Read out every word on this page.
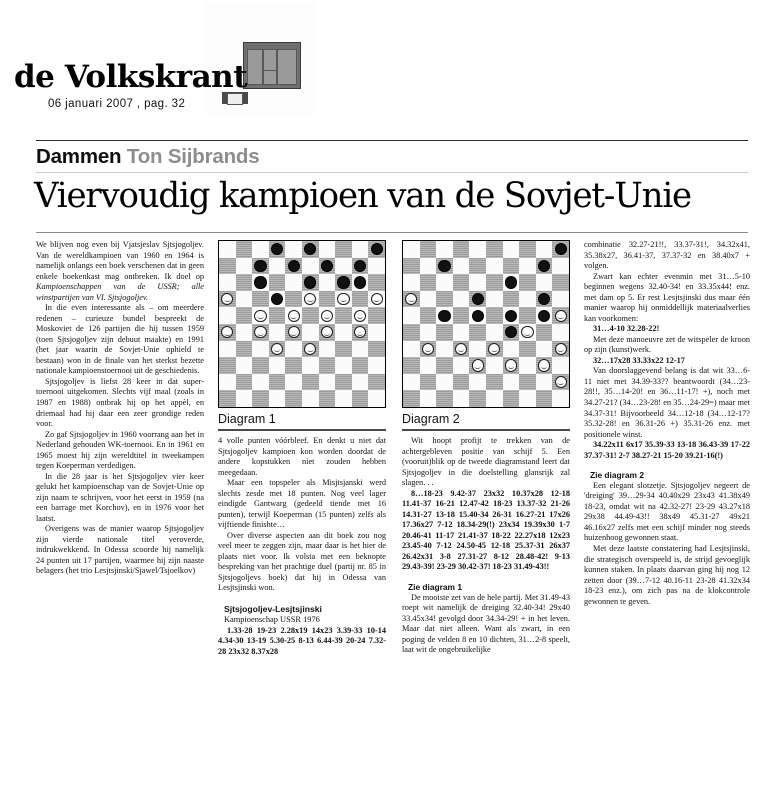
de Volkskrant
06 januari 2007 , pag. 32
Dammen Ton Sijbrands
Viervoudig kampioen van de Sovjet-Unie

We blijven nog even bij Vjatsjeslav Sjtsjogoljev. Van de wereldkampioen van 1960 en 1964 is namelijk onlangs een boek verschenen dat in geen enkele boekenkast mag ontbreken. Ik doel op Kampioenschappen van de USSR; alle winstpartijen van VI. Sjtsjogoljev.

In die even interessante als – om meerdere redenen – curieuze bundel bespreekt de Moskoviet de 126 partijen die hij tussen 1959 (toen Sjtsjogoljev zijn debuut maakte) en 1991 (het jaar waarin de Sovjet-Unie ophield te bestaan) won in de finale van het sterkst bezette nationale kampioenstoernooi uit de geschiedenis.

Sjtsjogoljev is liefst 28 keer in dat super-toernooi uitgekomen. Slechts vijf maal (zoals in 1987 en 1988) ontbrak hij op het appèl, en driemaal had hij daar een zeer grondige reden voor.

Zo gaf Sjtsjogoljev in 1960 voorrang aan het in Nederland gehouden WK-toernooi. En in 1961 en 1965 moest hij zijn wereldtitel in tweekampen tegen Koeperman verdedigen.

In die 28 jaar is het Sjtsjogoljev vier keer gelukt het kampioenschap van de Sovjet-Unie op zijn naam te schrijven, voor het eerst in 1959 (na een barrage met Korchov), en in 1976 voor het laatst.

Overigens was de manier waarop Sjtsjogoljev zijn vierde nationale titel veroverde, indrukwekkend. In Odessa scoorde hij namelijk 24 punten uit 17 partijen, waarmee hij zijn naaste belagers (het trio Lesjtsjinski/Sjawel/Tsjoelkov)

Diagram 1

4 volle punten vóórbleef. En denkt u niet dat Sjtsjogoljev kampioen kon worden doordat de andere kopstukken niet zouden hebben meegedaan.

Maar een topspeler als Misjtsjanski werd slechts zesde met 18 punten. Nog veel lager eindigde Gantwarg (gedeeld tiende met 16 punten), terwijl Koeperman (15 punten) zelfs als vijftiende finishte…

Over diverse aspecten aan dit boek zou nog veel meer te zeggen zijn, maar daar is het hier de plaats niet voor. Ik volsta met een beknopte bespreking van het prachtige duel (partij nr. 85 in Sjtsjogoljevs boek) dat hij in Odessa van Lesjtsjinski won.

Sjtsjogoljev-Lesjtsjinski
Kampioenschap USSR 1976

1.33-28 19-23 2.28x19 14x23 3.39-33 10-14 4.34-30 13-19 5.30-25 8-13 6.44-39 20-24 7.32-28 23x32 8.37x28

Diagram 2

Wit hoopt profijt te trekken van de achtergebleven positie van schijf 5. Een (vooruit)blik op de tweede diagramstand leert dat Sjtsjogoljev in die doelstelling glansrijk zal slagen. . .

8…18-23 9.42-37 23x32 10.37x28 12-18 11.41-37 16-21 12.47-42 18-23 13.37-32 21-26 14.31-27 13-18 15.40-34 26-31 16.27-21 17x26 17.36x27 7-12 18.34-29(!) 23x34 19.39x30 1-7 20.46-41 11-17 21.41-37 18-22 22.27x18 12x23 23.45-40 7-12 24.50-45 12-18 25.37-31 26x37 26.42x31 3-8 27.31-27 8-12 28.48-42! 9-13 29.43-39! 23-29 30.42-37! 18-23 31.49-43!!

Zie diagram 1

De mooiste zet van de hele partij. Met 31.49-43 roept wit namelijk de dreiging 32.40-34! 29x40 33.45x34! gevolgd door 34.34-29! + in het leven. Maar dat niet alleen. Want als zwart, in een poging de velden 8 en 10 dichten, 31…2-8 speelt, laat wit de ongebruikelijke

combinatie 32.27-21!!, 33.37-31!, 34.32x41, 35.38x27, 36.41-37, 37.37-32 en 38.40x7 + volgen.

Zwart kan echter evenmin met 31…5-10 beginnen wegens 32.40-34! en 33.35x44! enz. met dam op 5. Er rest Lesjtsjinski dus maar één manier waarop hij onmiddellijk materiaalverlies kan voorkomen:

31…4-10 32.28-22!

Met deze manoeuvre zet de witspeler de kroon op zijn (kunst)werk.

32…17x28 33.33x22 12-17

Van doorslaggevend belang is dat wit 33…6-11 niet met 34.39-33?? beantwoordt (34…23-28!!, 35…14-20! en 36…11-17! +), noch met 34.27-21? (34…23-28! en 35…24-29=) maar met 34.37-31! Bijvoorbeeld 34…12-18 (34…12-17? 35.32-28! en 36.31-26 +) 35.31-26 enz. met positionele winst.

34.22x11 6x17 35.39-33 13-18 36.43-39 17-22 37.37-31! 2-7 38.27-21 15-20 39.21-16(!)

Zie diagram 2

Een elegant slotzetje. Sjtsjogoljev negeert de 'dreiging' 39…29-34 40.40x29 23x43 41.38x49 18-23, omdat wit na 42.32-27! 23-29 43.27x18 29x38 44.49-43!! 38x49 45.31-27 49x21 46.16x27 zelfs met een schijf minder nog steeds huizenhoog gewonnen staat.

Met deze laatste constatering had Lesjtsjinski, die strategisch overspeeld is, de strijd gevoeglijk kunnen staken. In plaats daarvan ging hij nog 12 zetten door (39…7-12 40.16-11 23-28 41.32x34 18-23 enz.), om zich pas na de klokcontrole gewonnen te geven.
